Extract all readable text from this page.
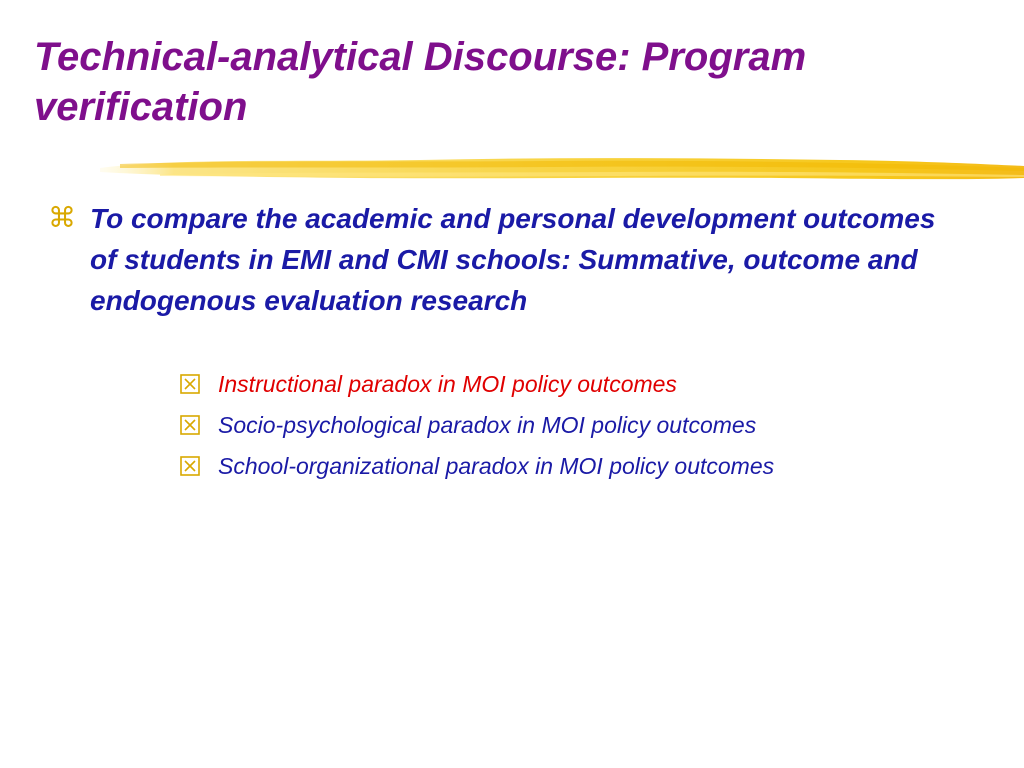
Technical-analytical Discourse: Program verification
⌘ To compare the academic and personal development outcomes of students in EMI and CMI schools: Summative, outcome and endogenous evaluation research
Instructional paradox in MOI policy outcomes
Socio-psychological paradox in MOI policy outcomes
School-organizational paradox in MOI policy outcomes
